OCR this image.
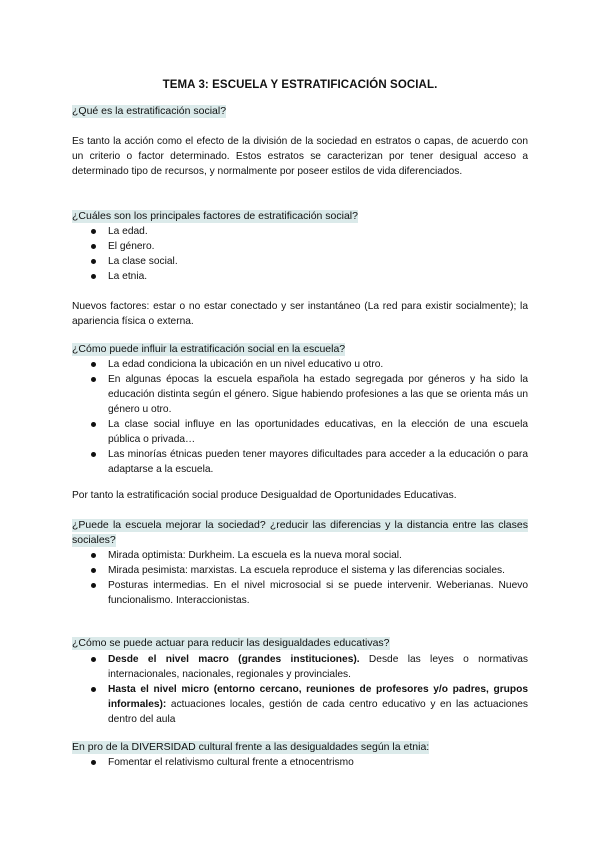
TEMA 3: ESCUELA Y ESTRATIFICACIÓN SOCIAL.
¿Qué es la estratificación social?
Es tanto la acción como el efecto de la división de la sociedad en estratos o capas, de acuerdo con un criterio o factor determinado. Estos estratos se caracterizan por tener desigual acceso a determinado tipo de recursos, y normalmente por poseer estilos de vida diferenciados.
¿Cuáles son los principales factores de estratificación social?
La edad.
El género.
La clase social.
La etnia.
Nuevos factores: estar o no estar conectado y ser instantáneo (La red para existir socialmente); la apariencia física o externa.
¿Cómo puede influir la estratificación social en la escuela?
La edad condiciona la ubicación en un nivel educativo u otro.
En algunas épocas la escuela española ha estado segregada por géneros y ha sido la educación distinta según el género. Sigue habiendo profesiones a las que se orienta más un género u otro.
La clase social influye en las oportunidades educativas, en la elección de una escuela pública o privada…
Las minorías étnicas pueden tener mayores dificultades para acceder a la educación o para adaptarse a la escuela.
Por tanto la estratificación social produce Desigualdad de Oportunidades Educativas.
¿Puede la escuela mejorar la sociedad? ¿reducir las diferencias y la distancia entre las clases sociales?
Mirada optimista: Durkheim. La escuela es la nueva moral social.
Mirada pesimista: marxistas. La escuela reproduce el sistema y las diferencias sociales.
Posturas intermedias. En el nivel microsocial si se puede intervenir. Weberianas. Nuevo funcionalismo. Interaccionistas.
¿Cómo se puede actuar para reducir las desigualdades educativas?
Desde el nivel macro (grandes instituciones). Desde las leyes o normativas internacionales, nacionales, regionales y provinciales.
Hasta el nivel micro (entorno cercano, reuniones de profesores y/o padres, grupos informales): actuaciones locales, gestión de cada centro educativo y en las actuaciones dentro del aula
En pro de la DIVERSIDAD cultural frente a las desigualdades según la etnia:
Fomentar el relativismo cultural frente a etnocentrismo
